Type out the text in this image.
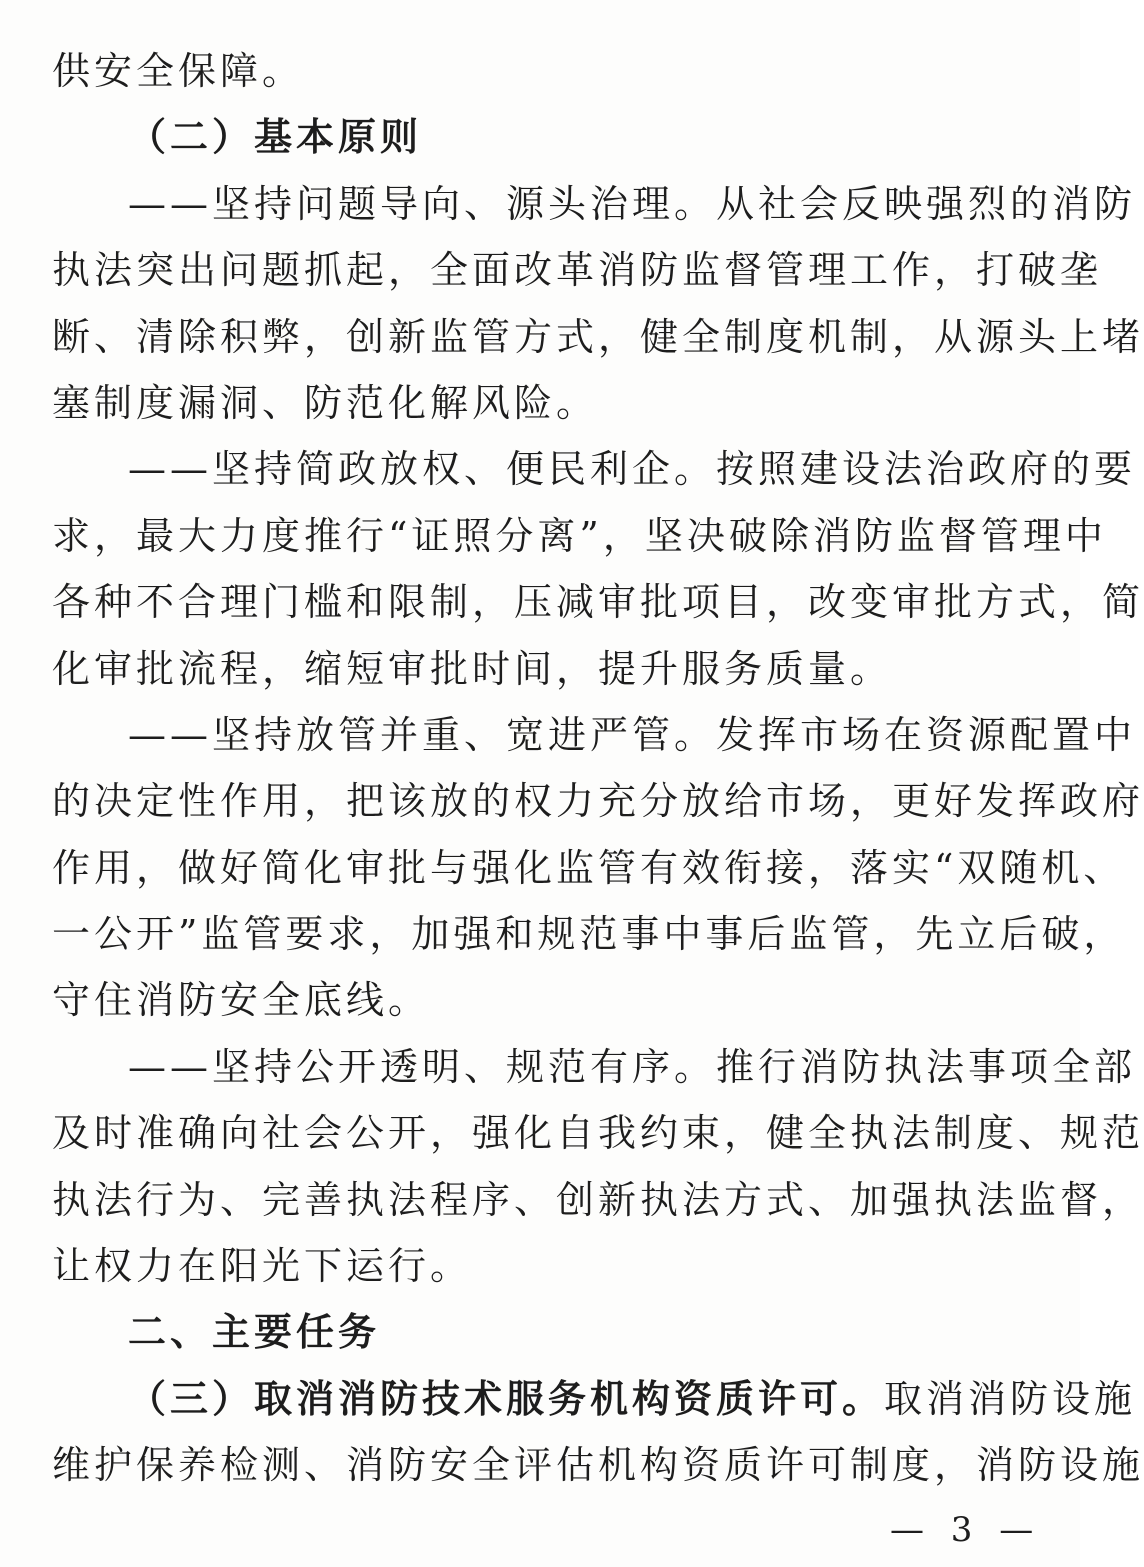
供安全保障。
（二）基本原则
——坚持问题导向、源头治理。从社会反映强烈的消防
执法突出问题抓起，全面改革消防监督管理工作，打破垄
断、清除积弊，创新监管方式，健全制度机制，从源头上堵
塞制度漏洞、防范化解风险。
——坚持简政放权、便民利企。按照建设法治政府的要
求，最大力度推行“证照分离”，坚决破除消防监督管理中
各种不合理门槛和限制，压减审批项目，改变审批方式，简
化审批流程，缩短审批时间，提升服务质量。
——坚持放管并重、宽进严管。发挥市场在资源配置中
的决定性作用，把该放的权力充分放给市场，更好发挥政府
作用，做好简化审批与强化监管有效衔接，落实“双随机、
一公开”监管要求，加强和规范事中事后监管，先立后破，
守住消防安全底线。
——坚持公开透明、规范有序。推行消防执法事项全部
及时准确向社会公开，强化自我约束，健全执法制度、规范
执法行为、完善执法程序、创新执法方式、加强执法监督，
让权力在阳光下运行。
二、主要任务
（三）取消消防技术服务机构资质许可。取消消防设施
维护保养检测、消防安全评估机构资质许可制度，消防设施
— 3 —
